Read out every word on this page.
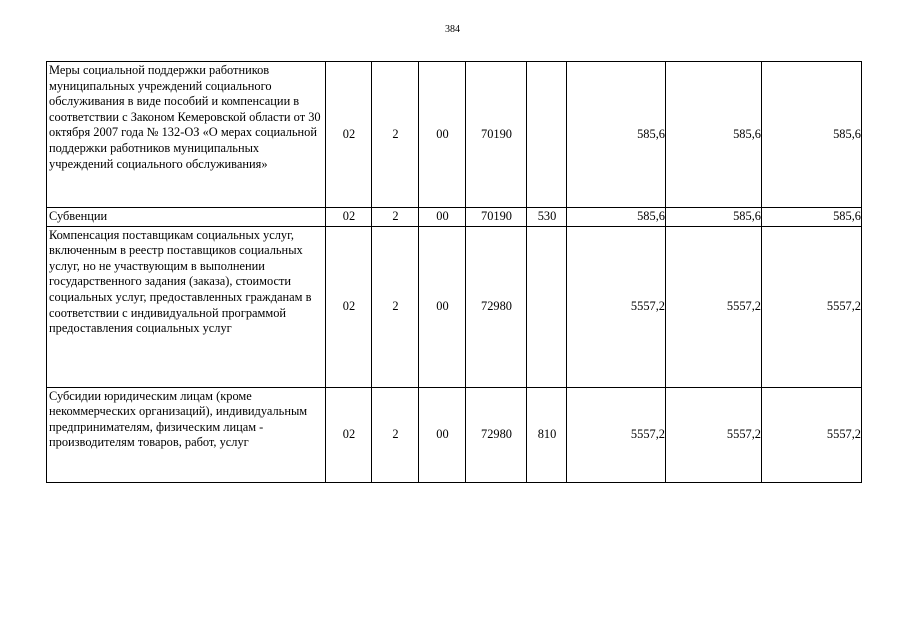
384
Меры социальной поддержки работников муниципальных учреждений социального обслуживания в виде пособий и компенсации в соответствии с Законом Кемеровской области от 30 октября 2007 года № 132-ОЗ «О мерах социальной поддержки работников муниципальных учреждений социального обслуживания»	02	2	00	70190		585,6	585,6	585,6
Субвенции	02	2	00	70190	530	585,6	585,6	585,6
Компенсация поставщикам социальных услуг, включенным в реестр поставщиков социальных услуг, но не участвующим в выполнении государственного задания (заказа), стоимости социальных услуг, предоставленных гражданам в соответствии с индивидуальной программой предоставления социальных услуг	02	2	00	72980		5557,2	5557,2	5557,2
Субсидии юридическим лицам (кроме некоммерческих организаций), индивидуальным предпринимателям, физическим лицам - производителям товаров, работ, услуг	02	2	00	72980	810	5557,2	5557,2	5557,2
